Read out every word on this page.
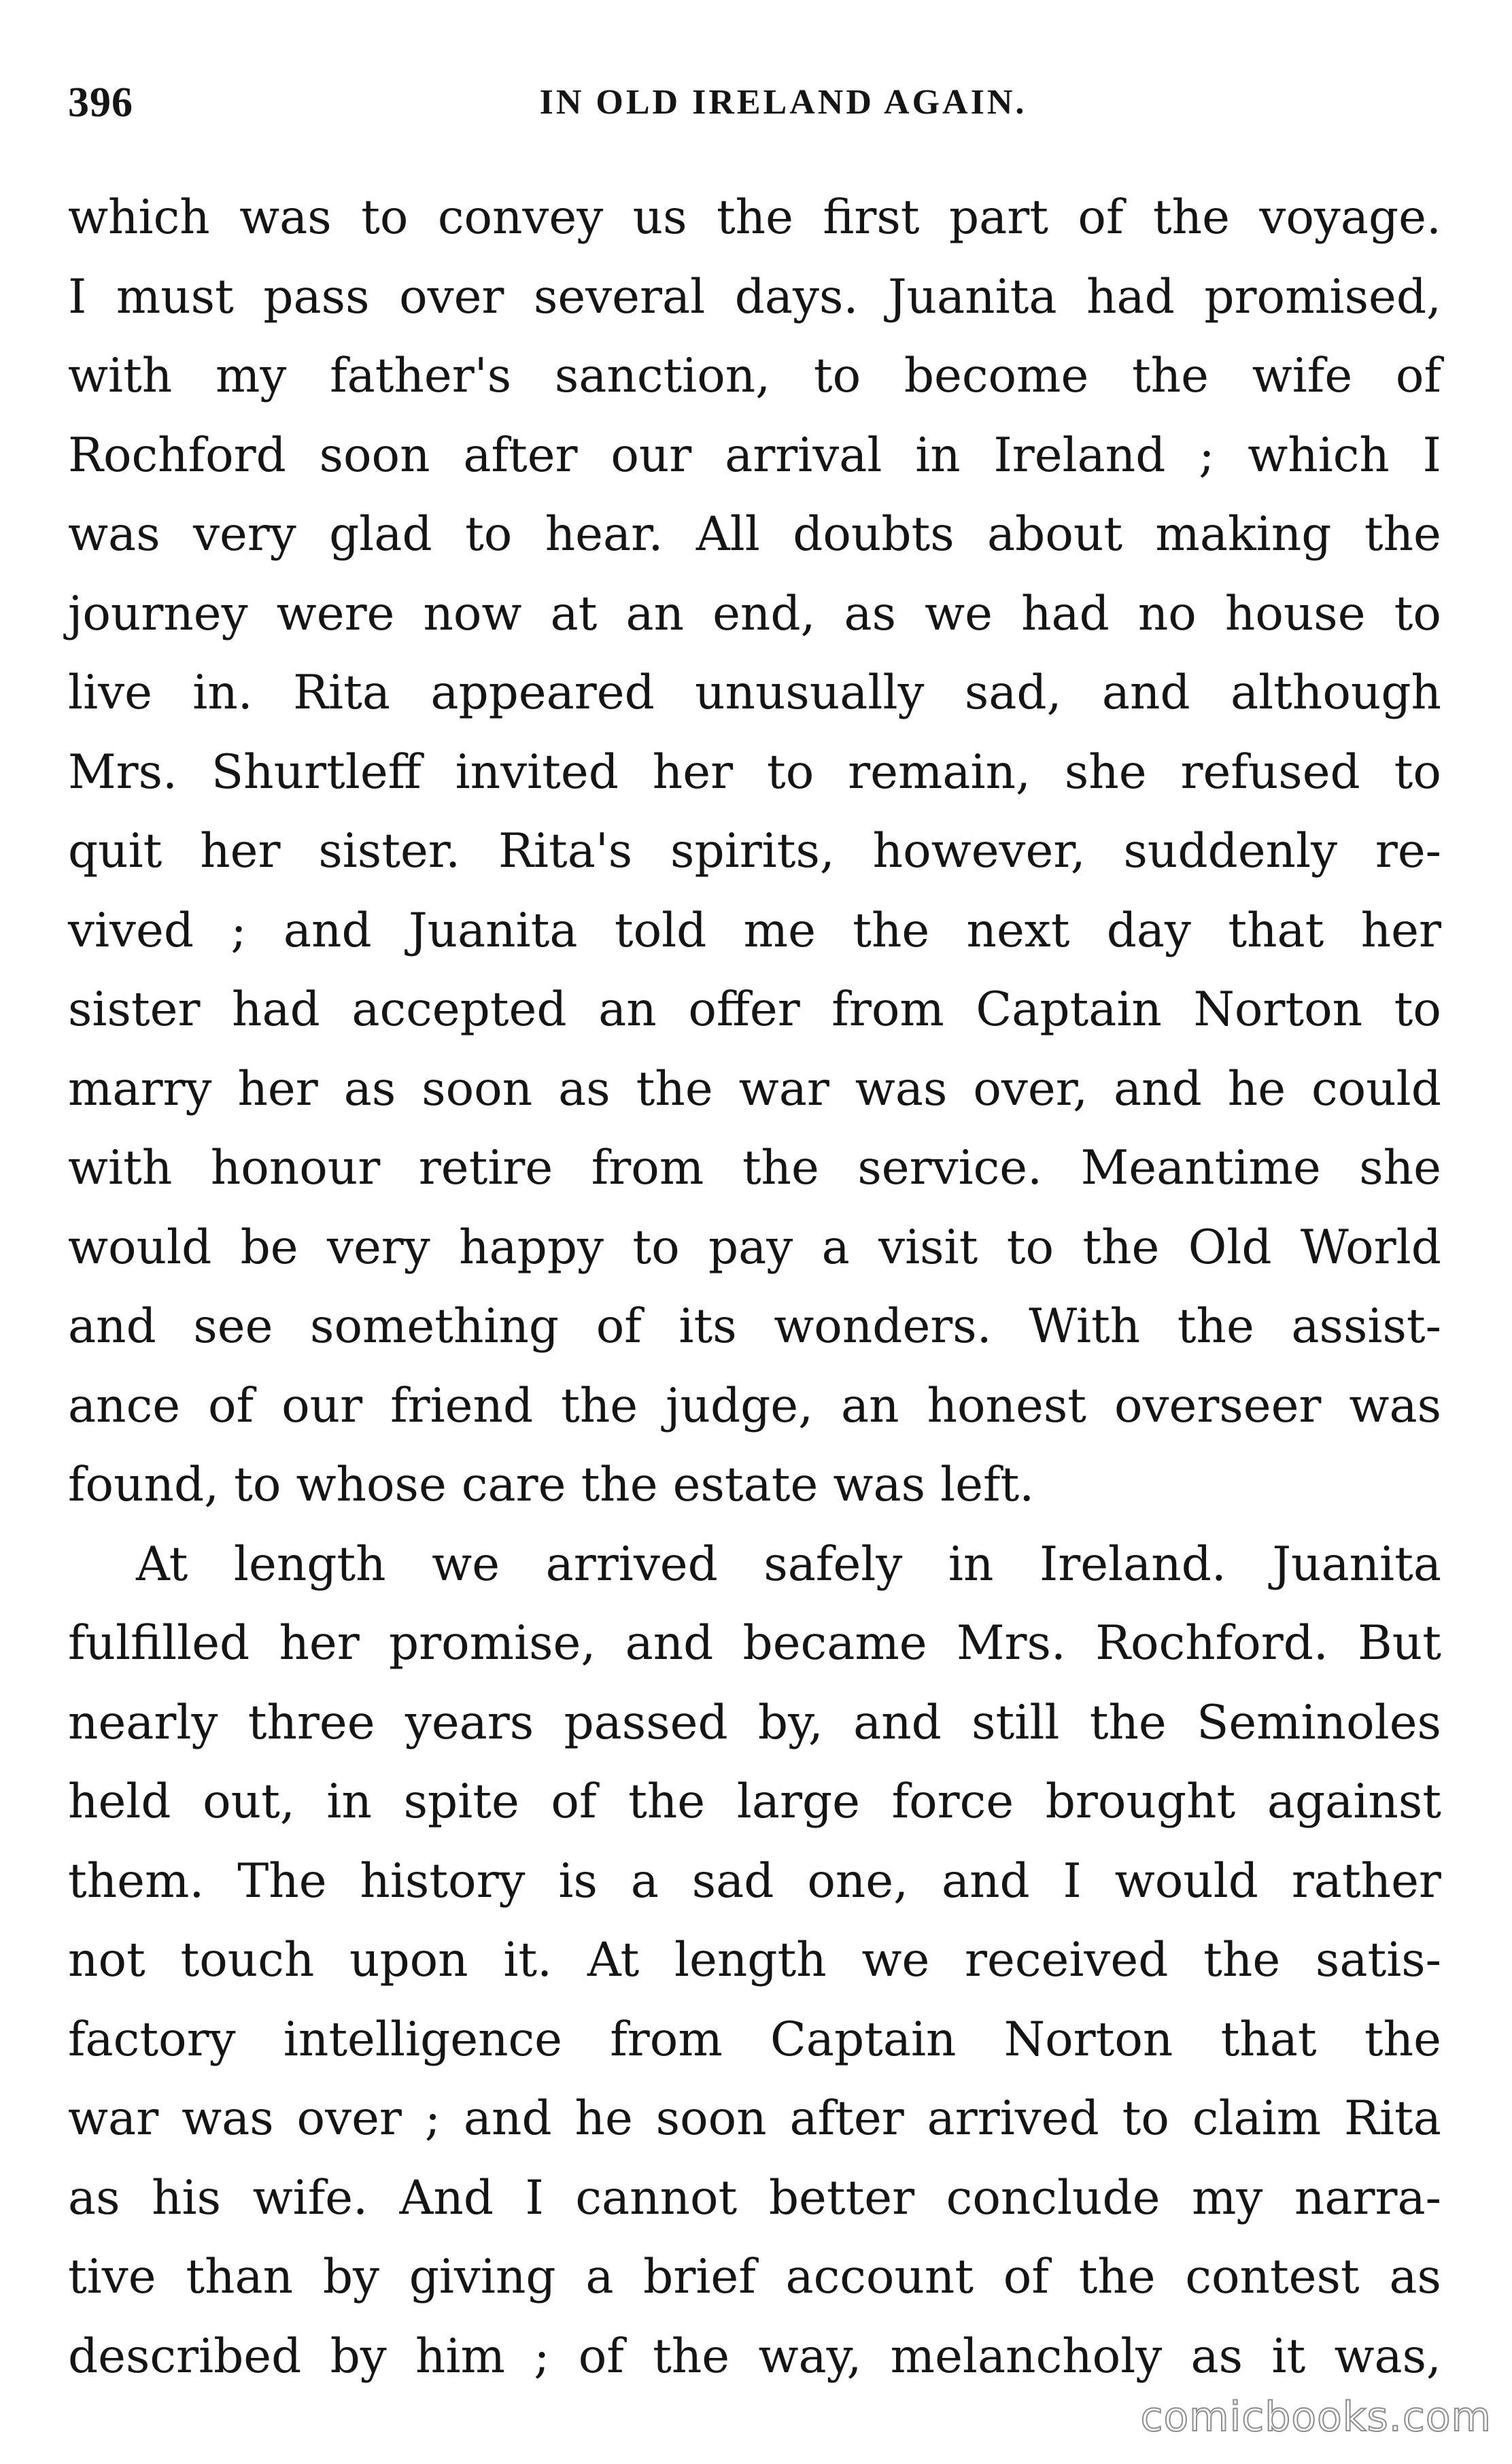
396	IN OLD IRELAND AGAIN.
which was to convey us the first part of the voyage.
I must pass over several days. Juanita had promised,
with my father's sanction, to become the wife of
Rochford soon after our arrival in Ireland ; which I
was very glad to hear. All doubts about making the
journey were now at an end, as we had no house to
live in. Rita appeared unusually sad, and although
Mrs. Shurtleff invited her to remain, she refused to
quit her sister. Rita's spirits, however, suddenly re-
vived ; and Juanita told me the next day that her
sister had accepted an offer from Captain Norton to
marry her as soon as the war was over, and he could
with honour retire from the service. Meantime she
would be very happy to pay a visit to the Old World
and see something of its wonders. With the assist-
ance of our friend the judge, an honest overseer was
found, to whose care the estate was left.
At length we arrived safely in Ireland. Juanita
fulfilled her promise, and became Mrs. Rochford. But
nearly three years passed by, and still the Seminoles
held out, in spite of the large force brought against
them. The history is a sad one, and I would rather
not touch upon it. At length we received the satis-
factory intelligence from Captain Norton that the
war was over ; and he soon after arrived to claim Rita
as his wife. And I cannot better conclude my narra-
tive than by giving a brief account of the contest as
described by him ; of the way, melancholy as it was,
comicbooks.com
